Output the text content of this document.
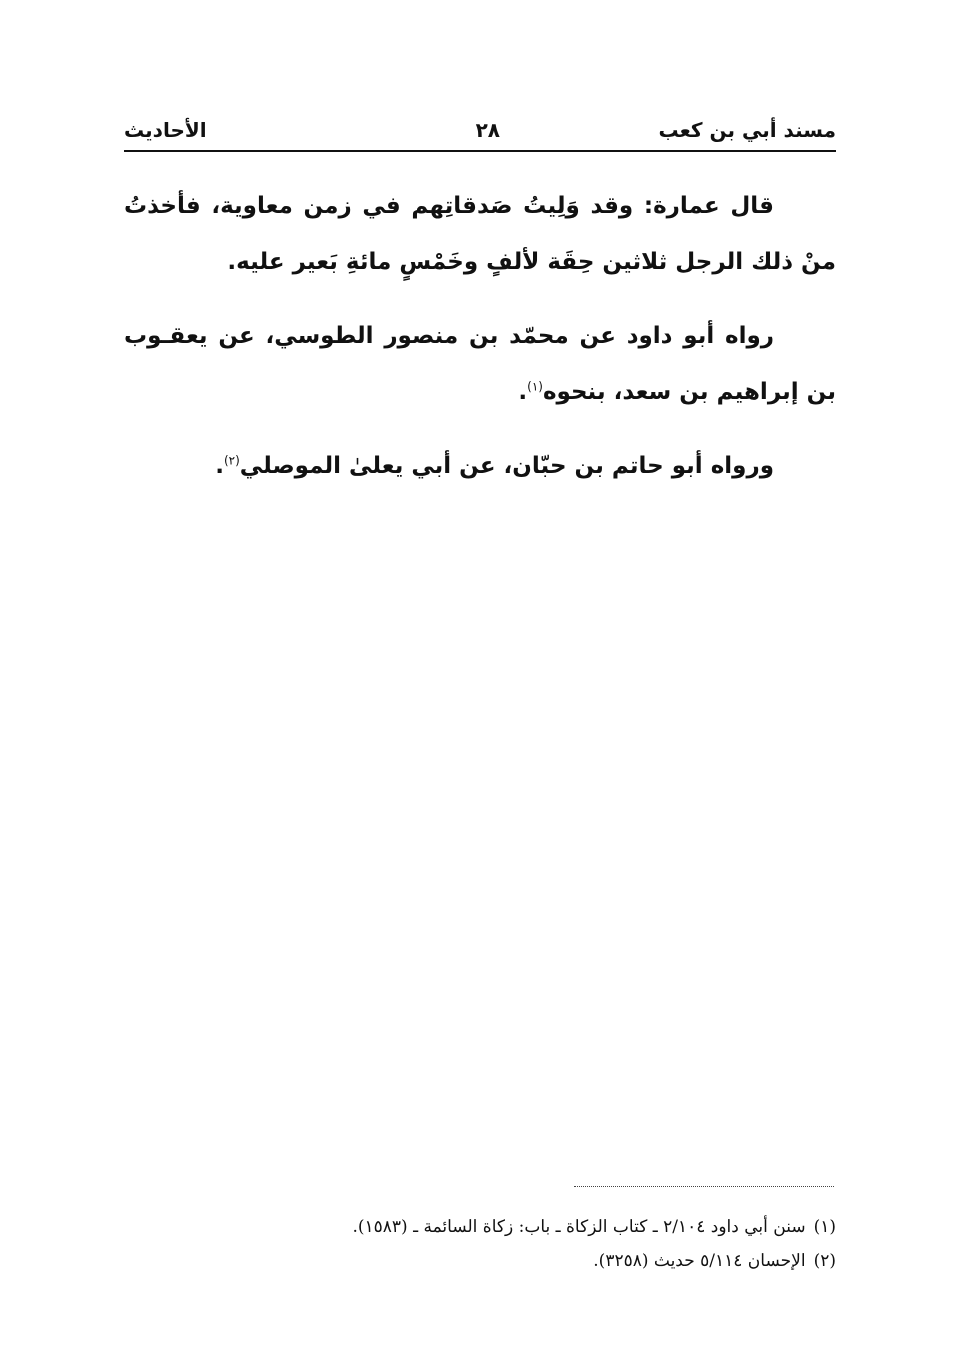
مسند أبي بن كعب
٢٨
الأحاديث

قال عمارة: وقد وَلِيتُ صَدقاتِهم في زمن معاوية، فأخذتُ منْ ذلك الرجل ثلاثين حِقَة لألفٍ وخَمْسٍ مائةِ بَعير عليه.

رواه أبو داود عن محمّد بن منصور الطوسي، عن يعقـوب بن إبراهيم بن سعد، بنحوه$^{(١)}$.

ورواه أبو حاتم بن حبّان، عن أبي يعلىٰ الموصلي$^{(٢)}$.

(١)سنن أبي داود ٢/١٠٤ ـ كتاب الزكاة ـ باب: زكاة السائمة ـ (١٥٨٣).
(٢)الإحسان ٥/١١٤ حديث (٣٢٥٨).
